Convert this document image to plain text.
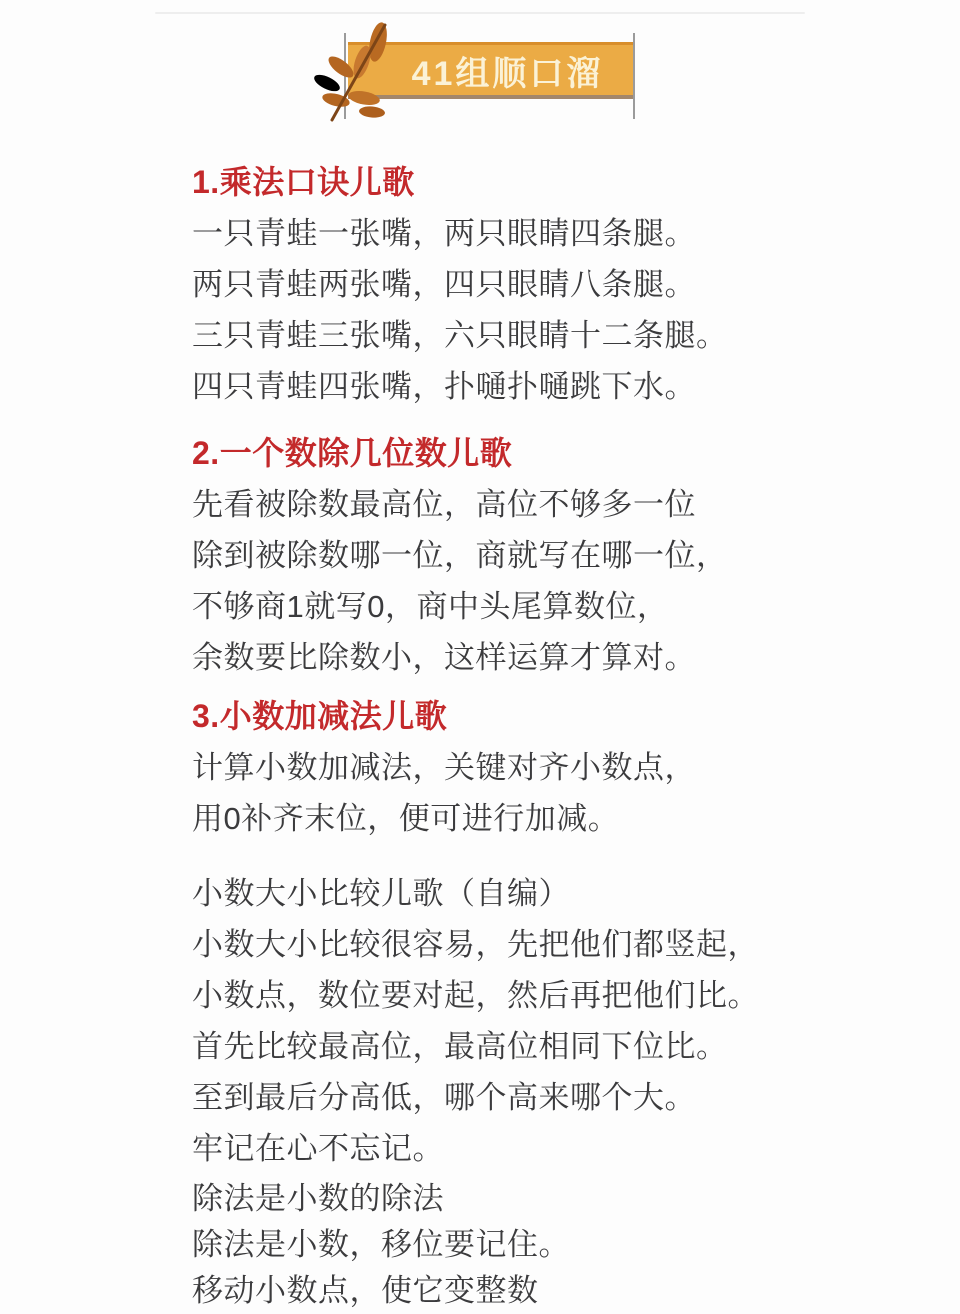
41组顺口溜
1.乘法口诀儿歌

一只青蛙一张嘴，两只眼睛四条腿。

两只青蛙两张嘴，四只眼睛八条腿。

三只青蛙三张嘴，六只眼睛十二条腿。

四只青蛙四张嘴，扑嗵扑嗵跳下水。

2.一个数除几位数儿歌

先看被除数最高位，高位不够多一位

除到被除数哪一位，商就写在哪一位，

不够商1就写0，商中头尾算数位，

余数要比除数小，这样运算才算对。

3.小数加减法儿歌

计算小数加减法，关键对齐小数点，

用0补齐末位，便可进行加减。

小数大小比较儿歌（自编）

小数大小比较很容易，先把他们都竖起，

小数点，数位要对起，然后再把他们比。

首先比较最高位，最高位相同下位比。

至到最后分高低，哪个高来哪个大。

牢记在心不忘记。

除法是小数的除法

除法是小数，移位要记住。

移动小数点，使它变整数
